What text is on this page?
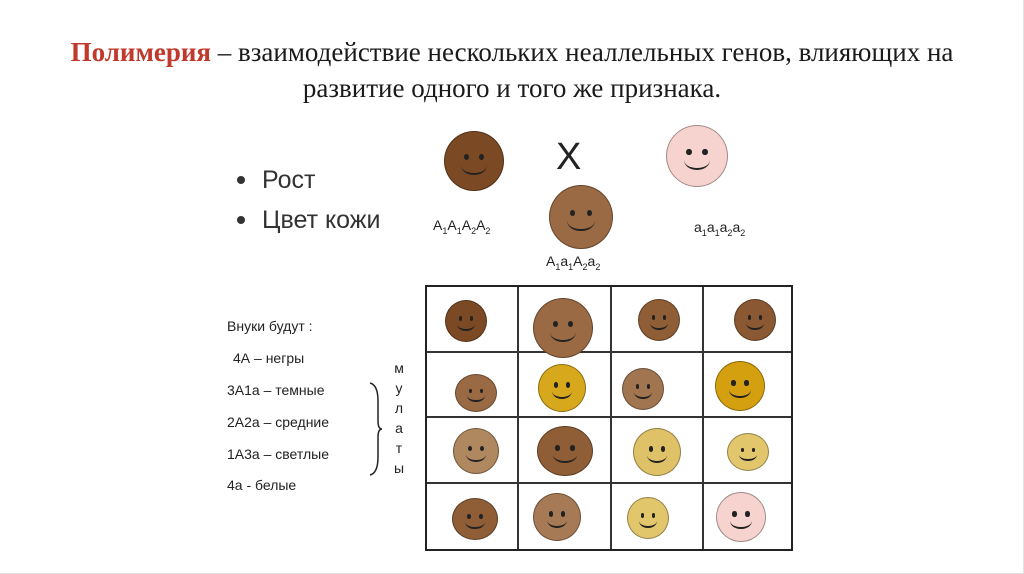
Полимерия – взаимодействие нескольких неаллельных генов, влияющих на развитие одного и того же признака.
Рост
Цвет кожи
X
$A_1A_1A_2A_2$	$a_1a_1a_2a_2$
$A_1a_1A_2a_2$
Внуки будут :
4А – негры
3А1а – темные
2А2а – средние
1А3а – светлые
4а - белые
м
у
л
а
т
ы
